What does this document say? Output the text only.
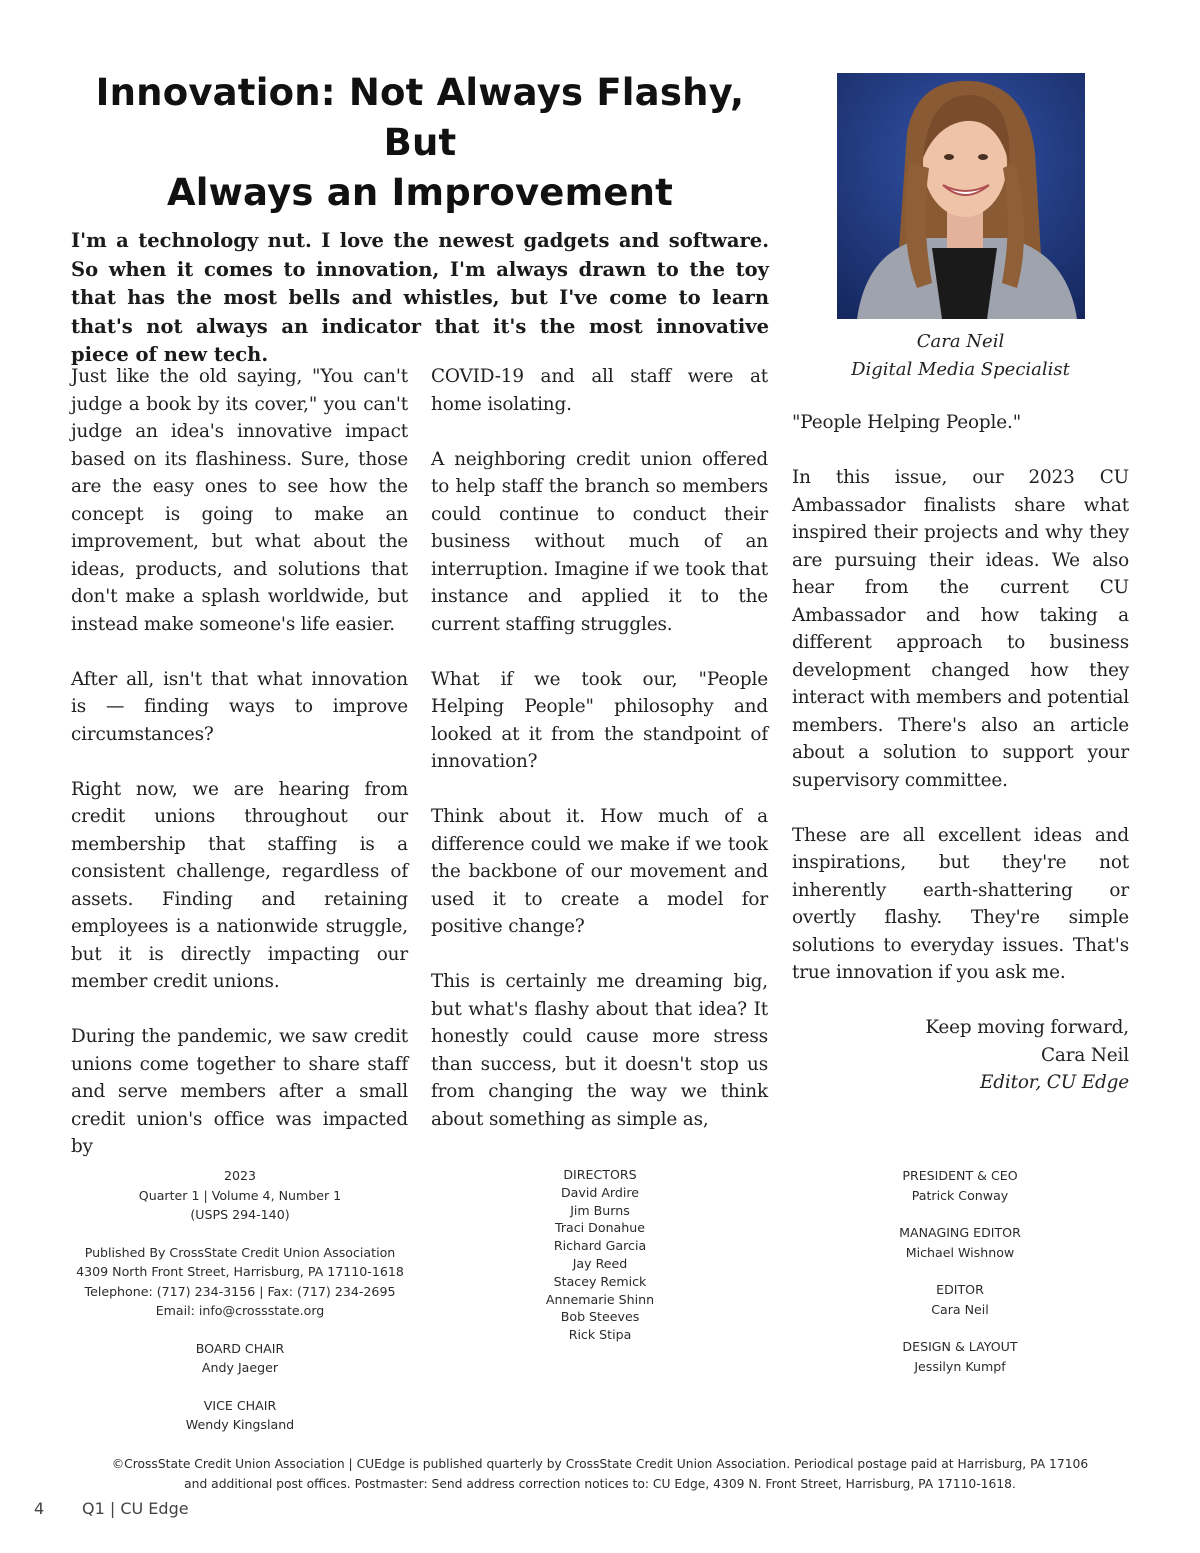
Innovation: Not Always Flashy, But
Always an Improvement

I'm a technology nut. I love the newest gadgets and software. So when it comes to innovation, I'm always drawn to the toy that has the most bells and whistles, but I've come to learn that's not always an indicator that it's the most innovative piece of new tech.

Cara Neil
Digital Media Specialist

Just like the old saying, "You can't judge a book by its cover," you can't judge an idea's innovative impact based on its flashiness. Sure, those are the easy ones to see how the concept is going to make an improvement, but what about the ideas, products, and solutions that don't make a splash worldwide, but instead make someone's life easier.

After all, isn't that what innovation is — finding ways to improve circumstances?

Right now, we are hearing from credit unions throughout our membership that staffing is a consistent challenge, regardless of assets. Finding and retaining employees is a nationwide struggle, but it is directly impacting our member credit unions.

During the pandemic, we saw credit unions come together to share staff and serve members after a small credit union's office was impacted by

COVID-19 and all staff were at home isolating.

A neighboring credit union offered to help staff the branch so members could continue to conduct their business without much of an interruption. Imagine if we took that instance and applied it to the current staffing struggles.

What if we took our, "People Helping People" philosophy and looked at it from the standpoint of innovation?

Think about it. How much of a difference could we make if we took the backbone of our movement and used it to create a model for positive change?

This is certainly me dreaming big, but what's flashy about that idea? It honestly could cause more stress than success, but it doesn't stop us from changing the way we think about something as simple as,

"People Helping People."

In this issue, our 2023 CU Ambassador finalists share what inspired their projects and why they are pursuing their ideas. We also hear from the current CU Ambassador and how taking a different approach to business development changed how they interact with members and potential members. There's also an article about a solution to support your supervisory committee.

These are all excellent ideas and inspirations, but they're not inherently earth-shattering or overtly flashy. They're simple solutions to everyday issues. That's true innovation if you ask me.

Keep moving forward,
Cara Neil
Editor, CU Edge
2023
Quarter 1 | Volume 4, Number 1
(USPS 294-140)
Published By CrossState Credit Union Association
4309 North Front Street, Harrisburg, PA 17110-1618
Telephone: (717) 234-3156 | Fax: (717) 234-2695
Email: info@crossstate.org
BOARD CHAIR
Andy Jaeger
VICE CHAIR
Wendy Kingsland
DIRECTORS
David Ardire
Jim Burns
Traci Donahue
Richard Garcia
Jay Reed
Stacey Remick
Annemarie Shinn
Bob Steeves
Rick Stipa
PRESIDENT & CEO
Patrick Conway
MANAGING EDITOR
Michael Wishnow
EDITOR
Cara Neil
DESIGN & LAYOUT
Jessilyn Kumpf
©CrossState Credit Union Association | CUEdge is published quarterly by CrossState Credit Union Association. Periodical postage paid at Harrisburg, PA 17106
and additional post offices. Postmaster: Send address correction notices to: CU Edge, 4309 N. Front Street, Harrisburg, PA 17110-1618.
4 Q1 | CU Edge
